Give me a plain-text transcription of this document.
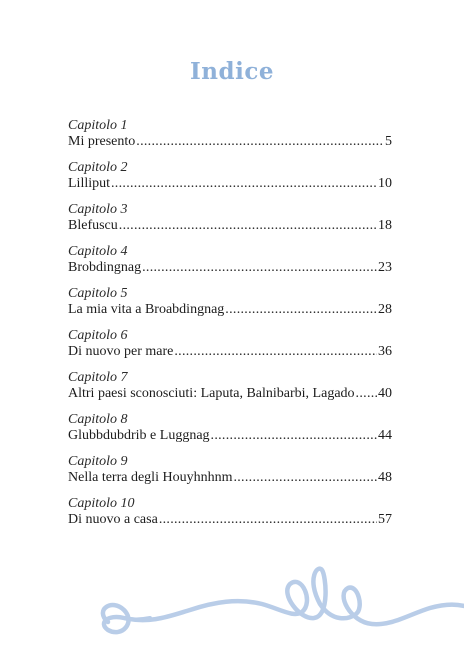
Indice
Capitolo 1
Mi presento .....	5
Capitolo 2
Lilliput .....	10
Capitolo 3
Blefuscu .....	18
Capitolo 4
Brobdingnag .....	23
Capitolo 5
La mia vita a Broabdingnag .....	28
Capitolo 6
Di nuovo per mare .....	36
Capitolo 7
Altri paesi sconosciuti: Laputa, Balnibarbi, Lagado ..... 40
Capitolo 8
Glubbdubdrib e Luggnag .....	44
Capitolo 9
Nella terra degli Houyhnhnm .....	48
Capitolo 10
Di nuovo a casa .....	57
